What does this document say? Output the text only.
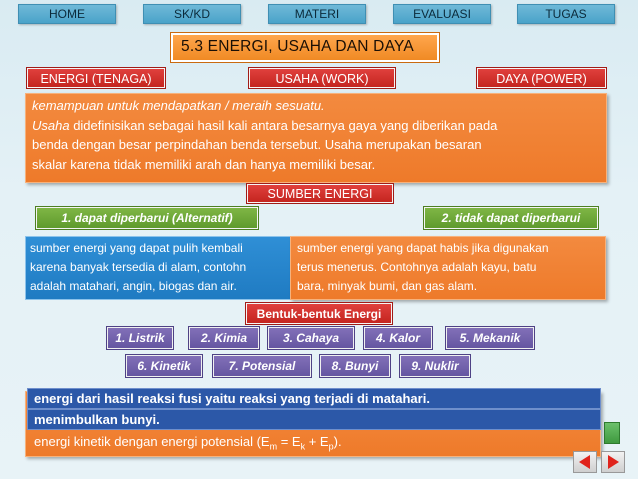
HOME	SK/KD	MATERI	EVALUASI	TUGAS
5.3 ENERGI, USAHA DAN DAYA
ENERGI (TENAGA)	USAHA (WORK)	DAYA (POWER)
kemampuan untuk mendapatkan / meraih sesuatu.
Usaha didefinisikan sebagai hasil kali antara besarnya gaya yang diberikan pada
benda dengan besar perpindahan benda tersebut. Usaha merupakan besaran
skalar karena tidak memiliki arah dan hanya memiliki besar.
SUMBER ENERGI
1. dapat diperbarui (Alternatif)	2. tidak dapat diperbarui
sumber energi yang dapat pulih kembali
karena banyak tersedia di alam, contohn
adalah matahari, angin, biogas dan air.
sumber energi yang dapat habis jika digunakan
terus menerus. Contohnya adalah kayu, batu
bara, minyak bumi, dan gas alam.
Bentuk-bentuk Energi
1. Listrik	2. Kimia	3. Cahaya	4. Kalor	5. Mekanik
6. Kinetik	7. Potensial	8. Bunyi	9. Nuklir
energi kinetik dengan energi potensial $(E_m = E_k + E_p)$.
energi dari hasil reaksi fusi yaitu reaksi yang terjadi di matahari.
menimbulkan bunyi.
